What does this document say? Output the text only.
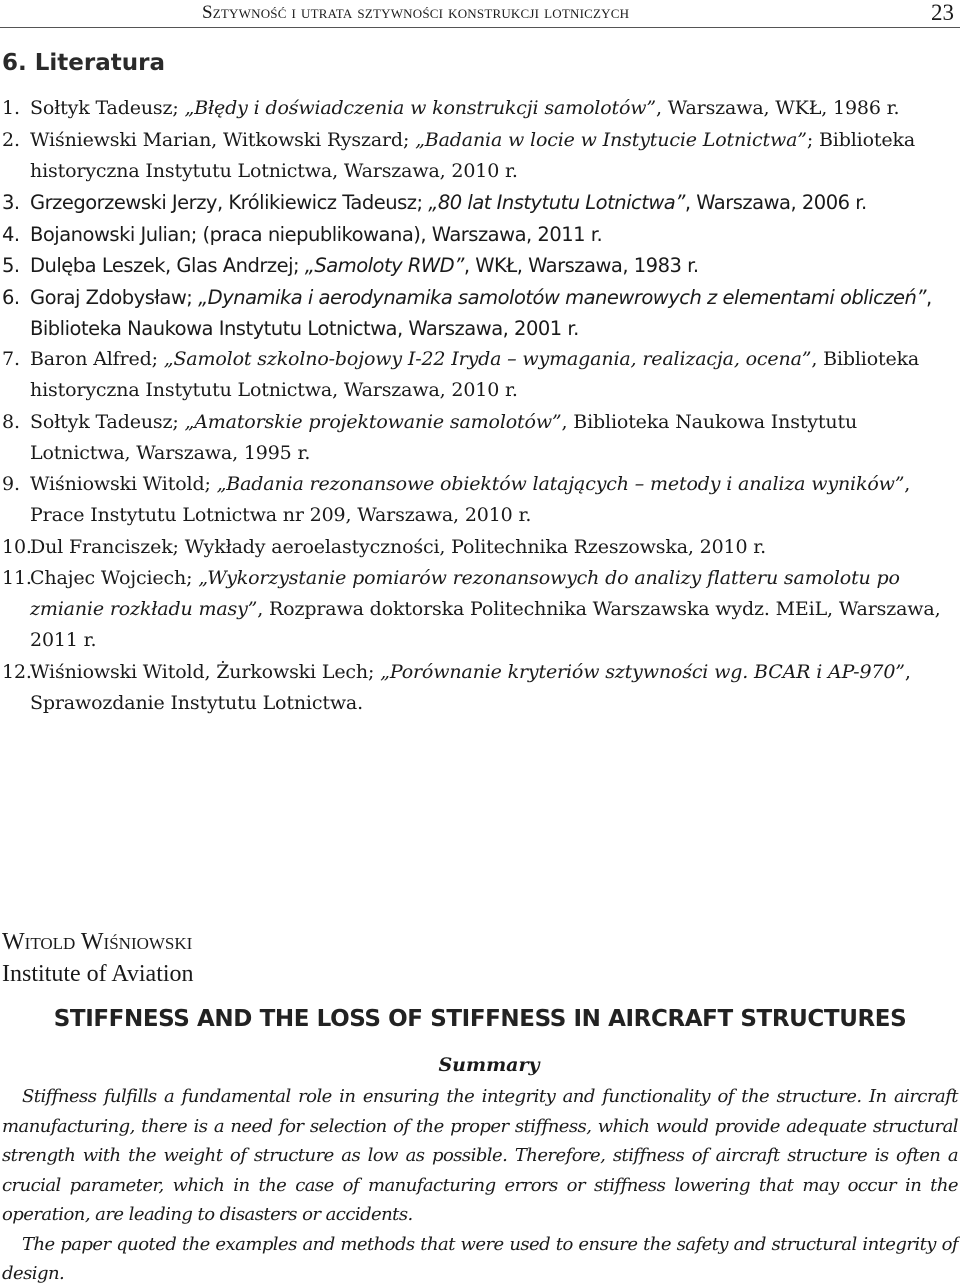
Sztywność i utrata sztywności konstrukcji lotniczych	23
6. Literatura
1. Sołtyk Tadeusz; „Błędy i doświadczenia w konstrukcji samolotów”, Warszawa, WKŁ, 1986 r.
2. Wiśniewski Marian, Witkowski Ryszard; „Badania w locie w Instytucie Lotnictwa”; Biblioteka historyczna Instytutu Lotnictwa, Warszawa, 2010 r.
3. Grzegorzewski Jerzy, Królikiewicz Tadeusz; „80 lat Instytutu Lotnictwa”, Warszawa, 2006 r.
4. Bojanowski Julian; (praca niepublikowana), Warszawa, 2011 r.
5. Dulęba Leszek, Glas Andrzej; „Samoloty RWD”, WKŁ, Warszawa, 1983 r.
6. Goraj Zdobysław; „Dynamika i aerodynamika samolotów manewrowych z elementami obliczeń”, Biblioteka Naukowa Instytutu Lotnictwa, Warszawa, 2001 r.
7. Baron Alfred; „Samolot szkolno-bojowy I-22 Iryda – wymagania, realizacja, ocena”, Biblioteka historyczna Instytutu Lotnictwa, Warszawa, 2010 r.
8. Sołtyk Tadeusz; „Amatorskie projektowanie samolotów”, Biblioteka Naukowa Instytutu Lotnictwa, Warszawa, 1995 r.
9. Wiśniowski Witold; „Badania rezonansowe obiektów latających – metody i analiza wyników”, Prace Instytutu Lotnictwa nr 209, Warszawa, 2010 r.
10.
Dul Franciszek; Wykłady aeroelastyczności, Politechnika Rzeszowska, 2010 r.
11.
Chajec Wojciech; „Wykorzystanie pomiarów rezonansowych do analizy flatteru samolotu po zmianie rozkładu masy”, Rozprawa doktorska Politechnika Warszawska wydz. MEiL, Warszawa, 2011 r.
12.
Wiśniowski Witold, Żurkowski Lech; „Porównanie kryteriów sztywności wg. BCAR i AP-970”, Sprawozdanie Instytutu Lotnictwa.
Witold Wiśniowski
Institute of Aviation
STIFFNESS AND THE LOSS OF STIFFNESS IN AIRCRAFT STRUCTURES
Summary

Stiffness fulfills a fundamental role in ensuring the integrity and functionality of the structure. In aircraft manufacturing, there is a need for selection of the proper stiffness, which would provide adequate structural strength with the weight of structure as low as possible. Therefore, stiffness of aircraft structure is often a crucial parameter, which in the case of manufacturing errors or stiffness lowering that may occur in the operation, are leading to disasters or accidents.

The paper quoted the examples and methods that were used to ensure the safety and structural integrity of design.
